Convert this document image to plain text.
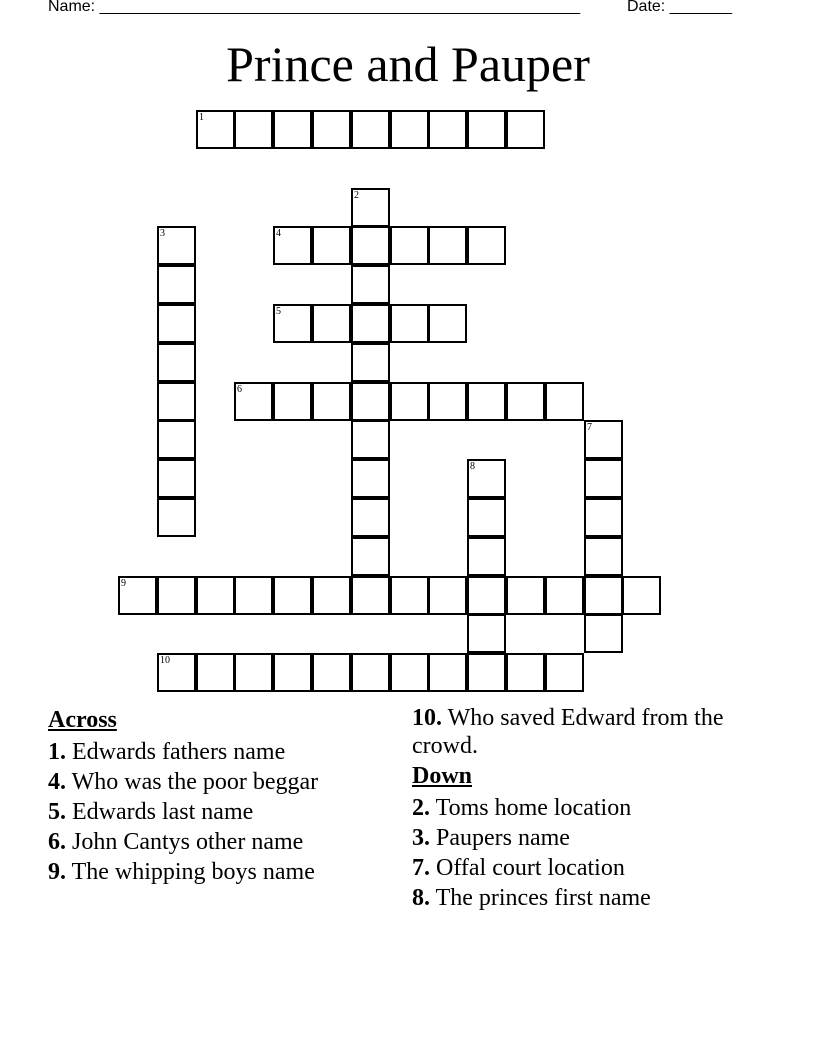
Name: ______________________________________________________	Date: _______
Prince and Pauper
1
2
3	4
5
6
7
8
9
10
Across
1. Edwards fathers name
4. Who was the poor beggar
5. Edwards last name
6. John Cantys other name
9. The whipping boys name
10. Who saved Edward from the crowd.
Down
2. Toms home location
3. Paupers name
7. Offal court location
8. The princes first name
